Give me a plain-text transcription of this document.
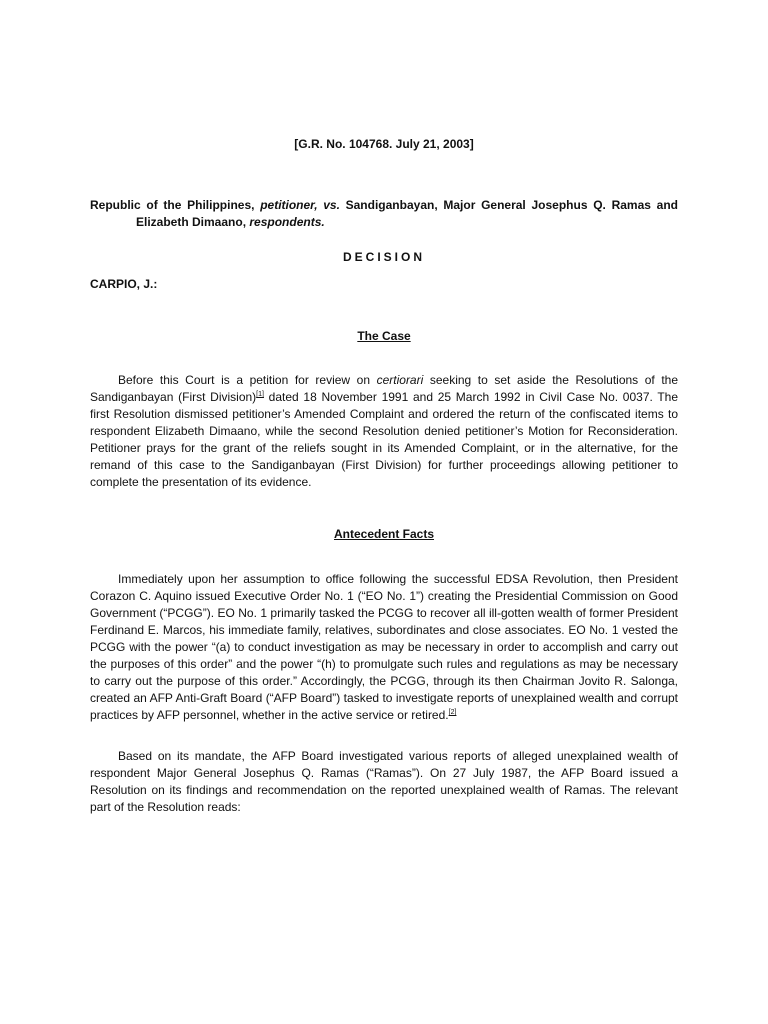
[G.R. No. 104768. July 21, 2003]
Republic of the Philippines, petitioner, vs. Sandiganbayan, Major General Josephus Q. Ramas and Elizabeth Dimaano, respondents.
DECISION
CARPIO, J.:
The Case

Before this Court is a petition for review on certiorari seeking to set aside the Resolutions of the Sandiganbayan (First Division)[1] dated 18 November 1991 and 25 March 1992 in Civil Case No. 0037. The first Resolution dismissed petitioner’s Amended Complaint and ordered the return of the confiscated items to respondent Elizabeth Dimaano, while the second Resolution denied petitioner’s Motion for Reconsideration. Petitioner prays for the grant of the reliefs sought in its Amended Complaint, or in the alternative, for the remand of this case to the Sandiganbayan (First Division) for further proceedings allowing petitioner to complete the presentation of its evidence.

Antecedent Facts

Immediately upon her assumption to office following the successful EDSA Revolution, then President Corazon C. Aquino issued Executive Order No. 1 (“EO No. 1”) creating the Presidential Commission on Good Government (“PCGG”). EO No. 1 primarily tasked the PCGG to recover all ill-gotten wealth of former President Ferdinand E. Marcos, his immediate family, relatives, subordinates and close associates. EO No. 1 vested the PCGG with the power “(a) to conduct investigation as may be necessary in order to accomplish and carry out the purposes of this order” and the power “(h) to promulgate such rules and regulations as may be necessary to carry out the purpose of this order.” Accordingly, the PCGG, through its then Chairman Jovito R. Salonga, created an AFP Anti-Graft Board (“AFP Board”) tasked to investigate reports of unexplained wealth and corrupt practices by AFP personnel, whether in the active service or retired.[2]

Based on its mandate, the AFP Board investigated various reports of alleged unexplained wealth of respondent Major General Josephus Q. Ramas (“Ramas”). On 27 July 1987, the AFP Board issued a Resolution on its findings and recommendation on the reported unexplained wealth of Ramas. The relevant part of the Resolution reads:
